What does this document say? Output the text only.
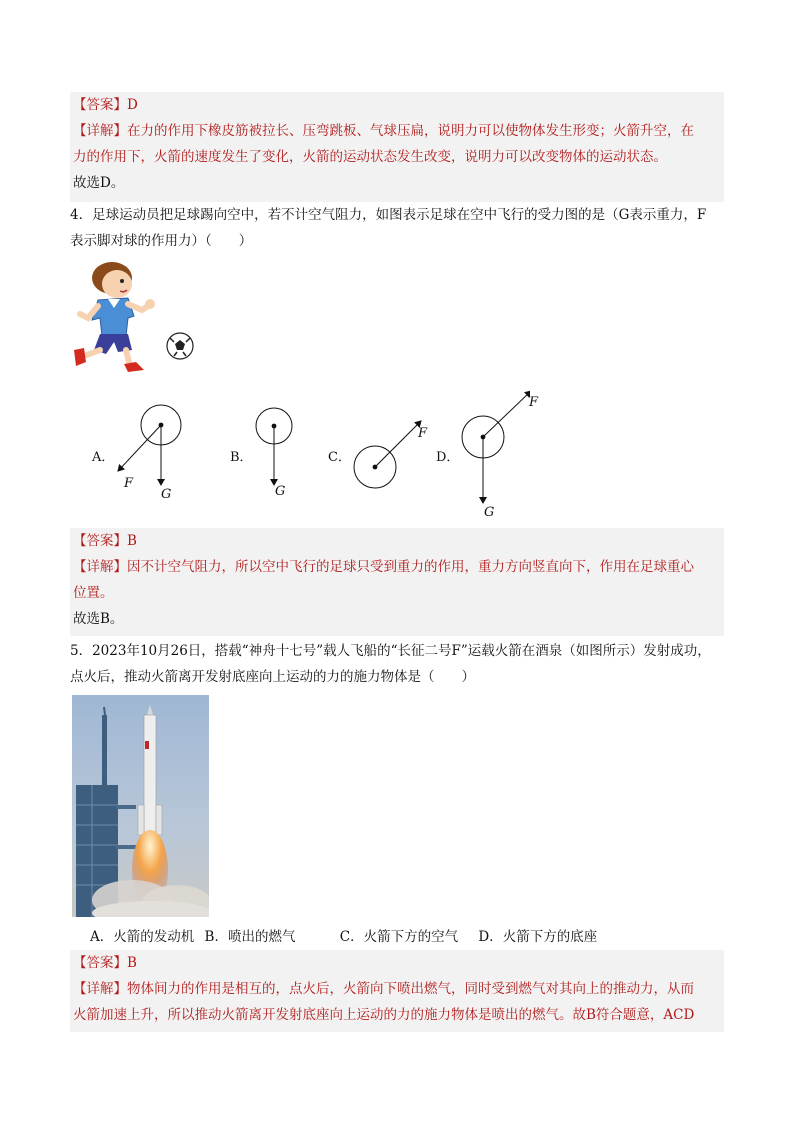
【答案】D
【详解】在力的作用下橡皮筋被拉长、压弯跳板、气球压扁，说明力可以使物体发生形变；火箭升空，在
力的作用下，火箭的速度发生了变化，火箭的运动状态发生改变，说明力可以改变物体的运动状态。
故选D。
4．足球运动员把足球踢向空中，若不计空气阻力，如图表示足球在空中飞行的受力图的是（G表示重力，F
表示脚对球的作用力）（　　）
A．	B．	C．	D．
F
G	G
F
F
G
【答案】B
【详解】因不计空气阻力，所以空中飞行的足球只受到重力的作用，重力方向竖直向下，作用在足球重心
位置。
故选B。
5．2023年10月26日，搭载“神舟十七号”载人飞船的“长征二号F”运载火箭在酒泉（如图所示）发射成功，
点火后，推动火箭离开发射底座向上运动的力的施力物体是（　　）
A．火箭的发动机 B．喷出的燃气	C．火箭下方的空气 D．火箭下方的底座
【答案】B
【详解】物体间力的作用是相互的，点火后，火箭向下喷出燃气，同时受到燃气对其向上的推动力，从而
火箭加速上升，所以推动火箭离开发射底座向上运动的力的施力物体是喷出的燃气。故B符合题意，ACD
